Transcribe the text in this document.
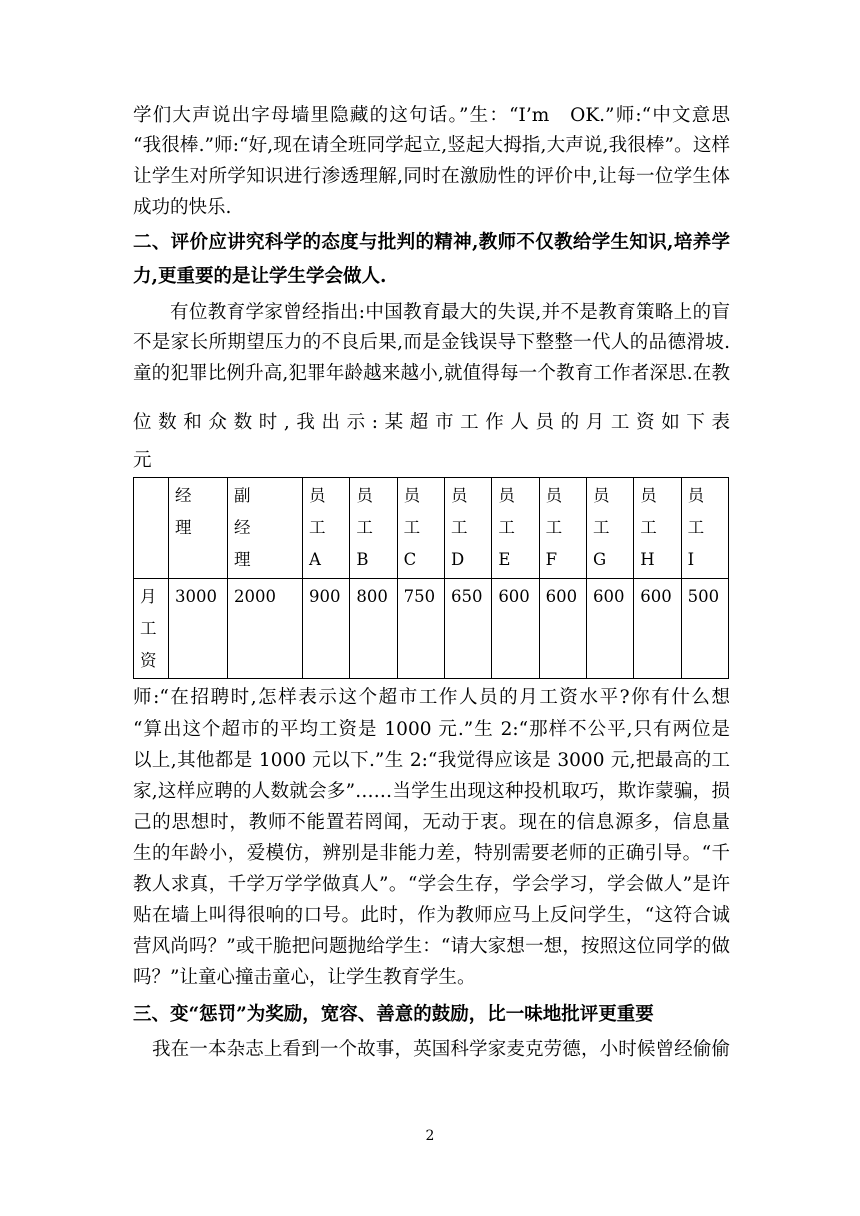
学们大声说出字母墙里隐藏的这句话。”生：“I’m　OK.”师:“中文意思
“我很棒.”师:“好,现在请全班同学起立,竖起大拇指,大声说,我很棒”。这样
让学生对所学知识进行渗透理解,同时在激励性的评价中,让每一位学生体
成功的快乐.
二、评价应讲究科学的态度与批判的精神,教师不仅教给学生知识,培养学
力,更重要的是让学生学会做人.
有位教育学家曾经指出:中国教育最大的失误,并不是教育策略上的盲
不是家长所期望压力的不良后果,而是金钱误导下整整一代人的品德滑坡.
童的犯罪比例升高,犯罪年龄越来越小,就值得每一个教育工作者深思.在教
位数和众数时,我出示:某超市工作人员的月工资如下表
元

	经
理	副
经
理	员
工
A	员
工
B	员
工
C	员
工
D	员
工
E	员
工
F	员
工
G	员
工
H	员
工
I

月
工
资	3000	2000	900	800	750	650	600	600	600	600	500
师:“在招聘时,怎样表示这个超市工作人员的月工资水平?你有什么想
“算出这个超市的平均工资是 1000 元.”生 2:“那样不公平,只有两位是
以上,其他都是 1000 元以下.”生 2:“我觉得应该是 3000 元,把最高的工
家,这样应聘的人数就会多”……当学生出现这种投机取巧，欺诈蒙骗，损
己的思想时，教师不能置若罔闻，无动于衷。现在的信息源多，信息量
生的年龄小，爱模仿，辨别是非能力差，特别需要老师的正确引导。“千
教人求真，千学万学学做真人”。“学会生存，学会学习，学会做人”是许
贴在墙上叫得很响的口号。此时，作为教师应马上反问学生，“这符合诚
营风尚吗？”或干脆把问题抛给学生：“请大家想一想，按照这位同学的做
吗？”让童心撞击童心，让学生教育学生。
三、变“惩罚”为奖励，宽容、善意的鼓励，比一味地批评更重要
我在一本杂志上看到一个故事，英国科学家麦克劳德，小时候曾经偷偷
2
